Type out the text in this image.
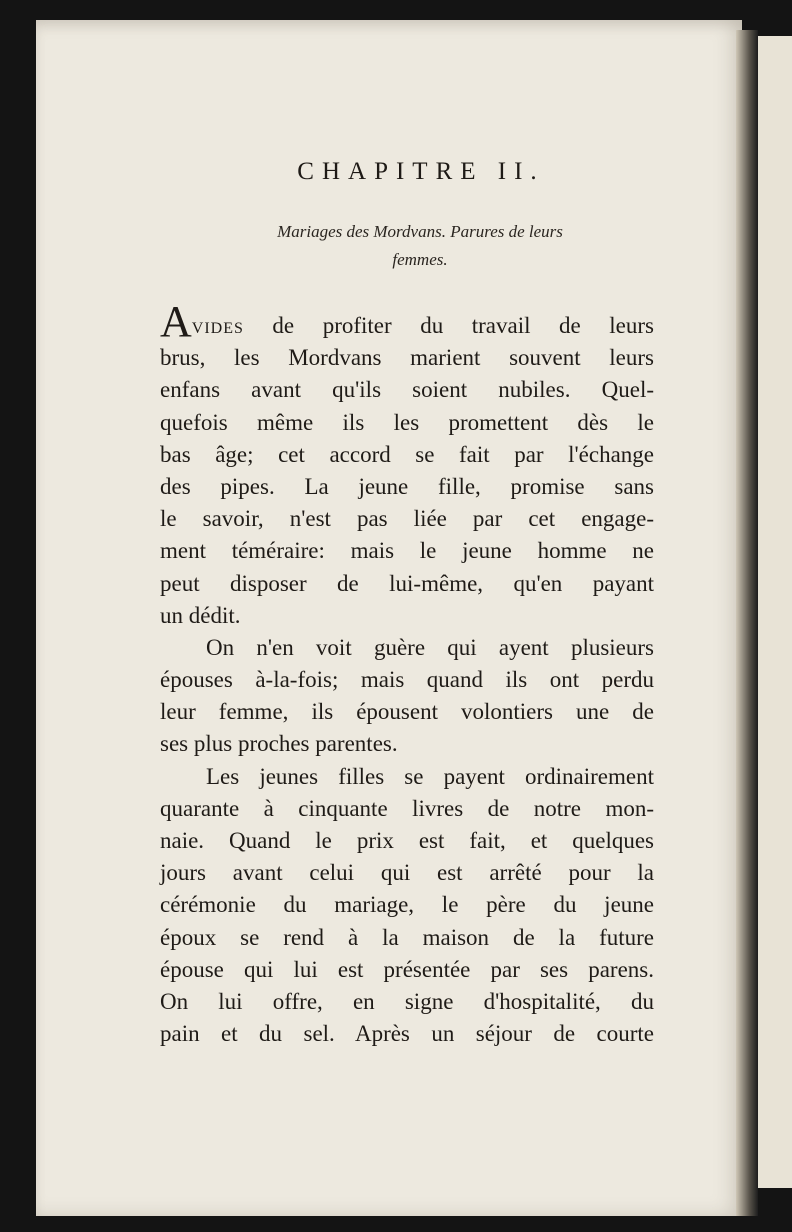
CHAPITRE II.
Mariages des Mordvans. Parures de leurs
femmes.
Avides de profiter du travail de leurs
brus, les Mordvans marient souvent leurs
enfans avant qu'ils soient nubiles. Quel-
quefois même ils les promettent dès le
bas âge; cet accord se fait par l'échange
des pipes. La jeune fille, promise sans
le savoir, n'est pas liée par cet engage-
ment téméraire: mais le jeune homme ne
peut disposer de lui-même, qu'en payant
un dédit.
On n'en voit guère qui ayent plusieurs
épouses à-la-fois; mais quand ils ont perdu
leur femme, ils épousent volontiers une de
ses plus proches parentes.
Les jeunes filles se payent ordinairement
quarante à cinquante livres de notre mon-
naie. Quand le prix est fait, et quelques
jours avant celui qui est arrêté pour la
cérémonie du mariage, le père du jeune
époux se rend à la maison de la future
épouse qui lui est présentée par ses parens.
On lui offre, en signe d'hospitalité, du
pain et du sel. Après un séjour de courte
